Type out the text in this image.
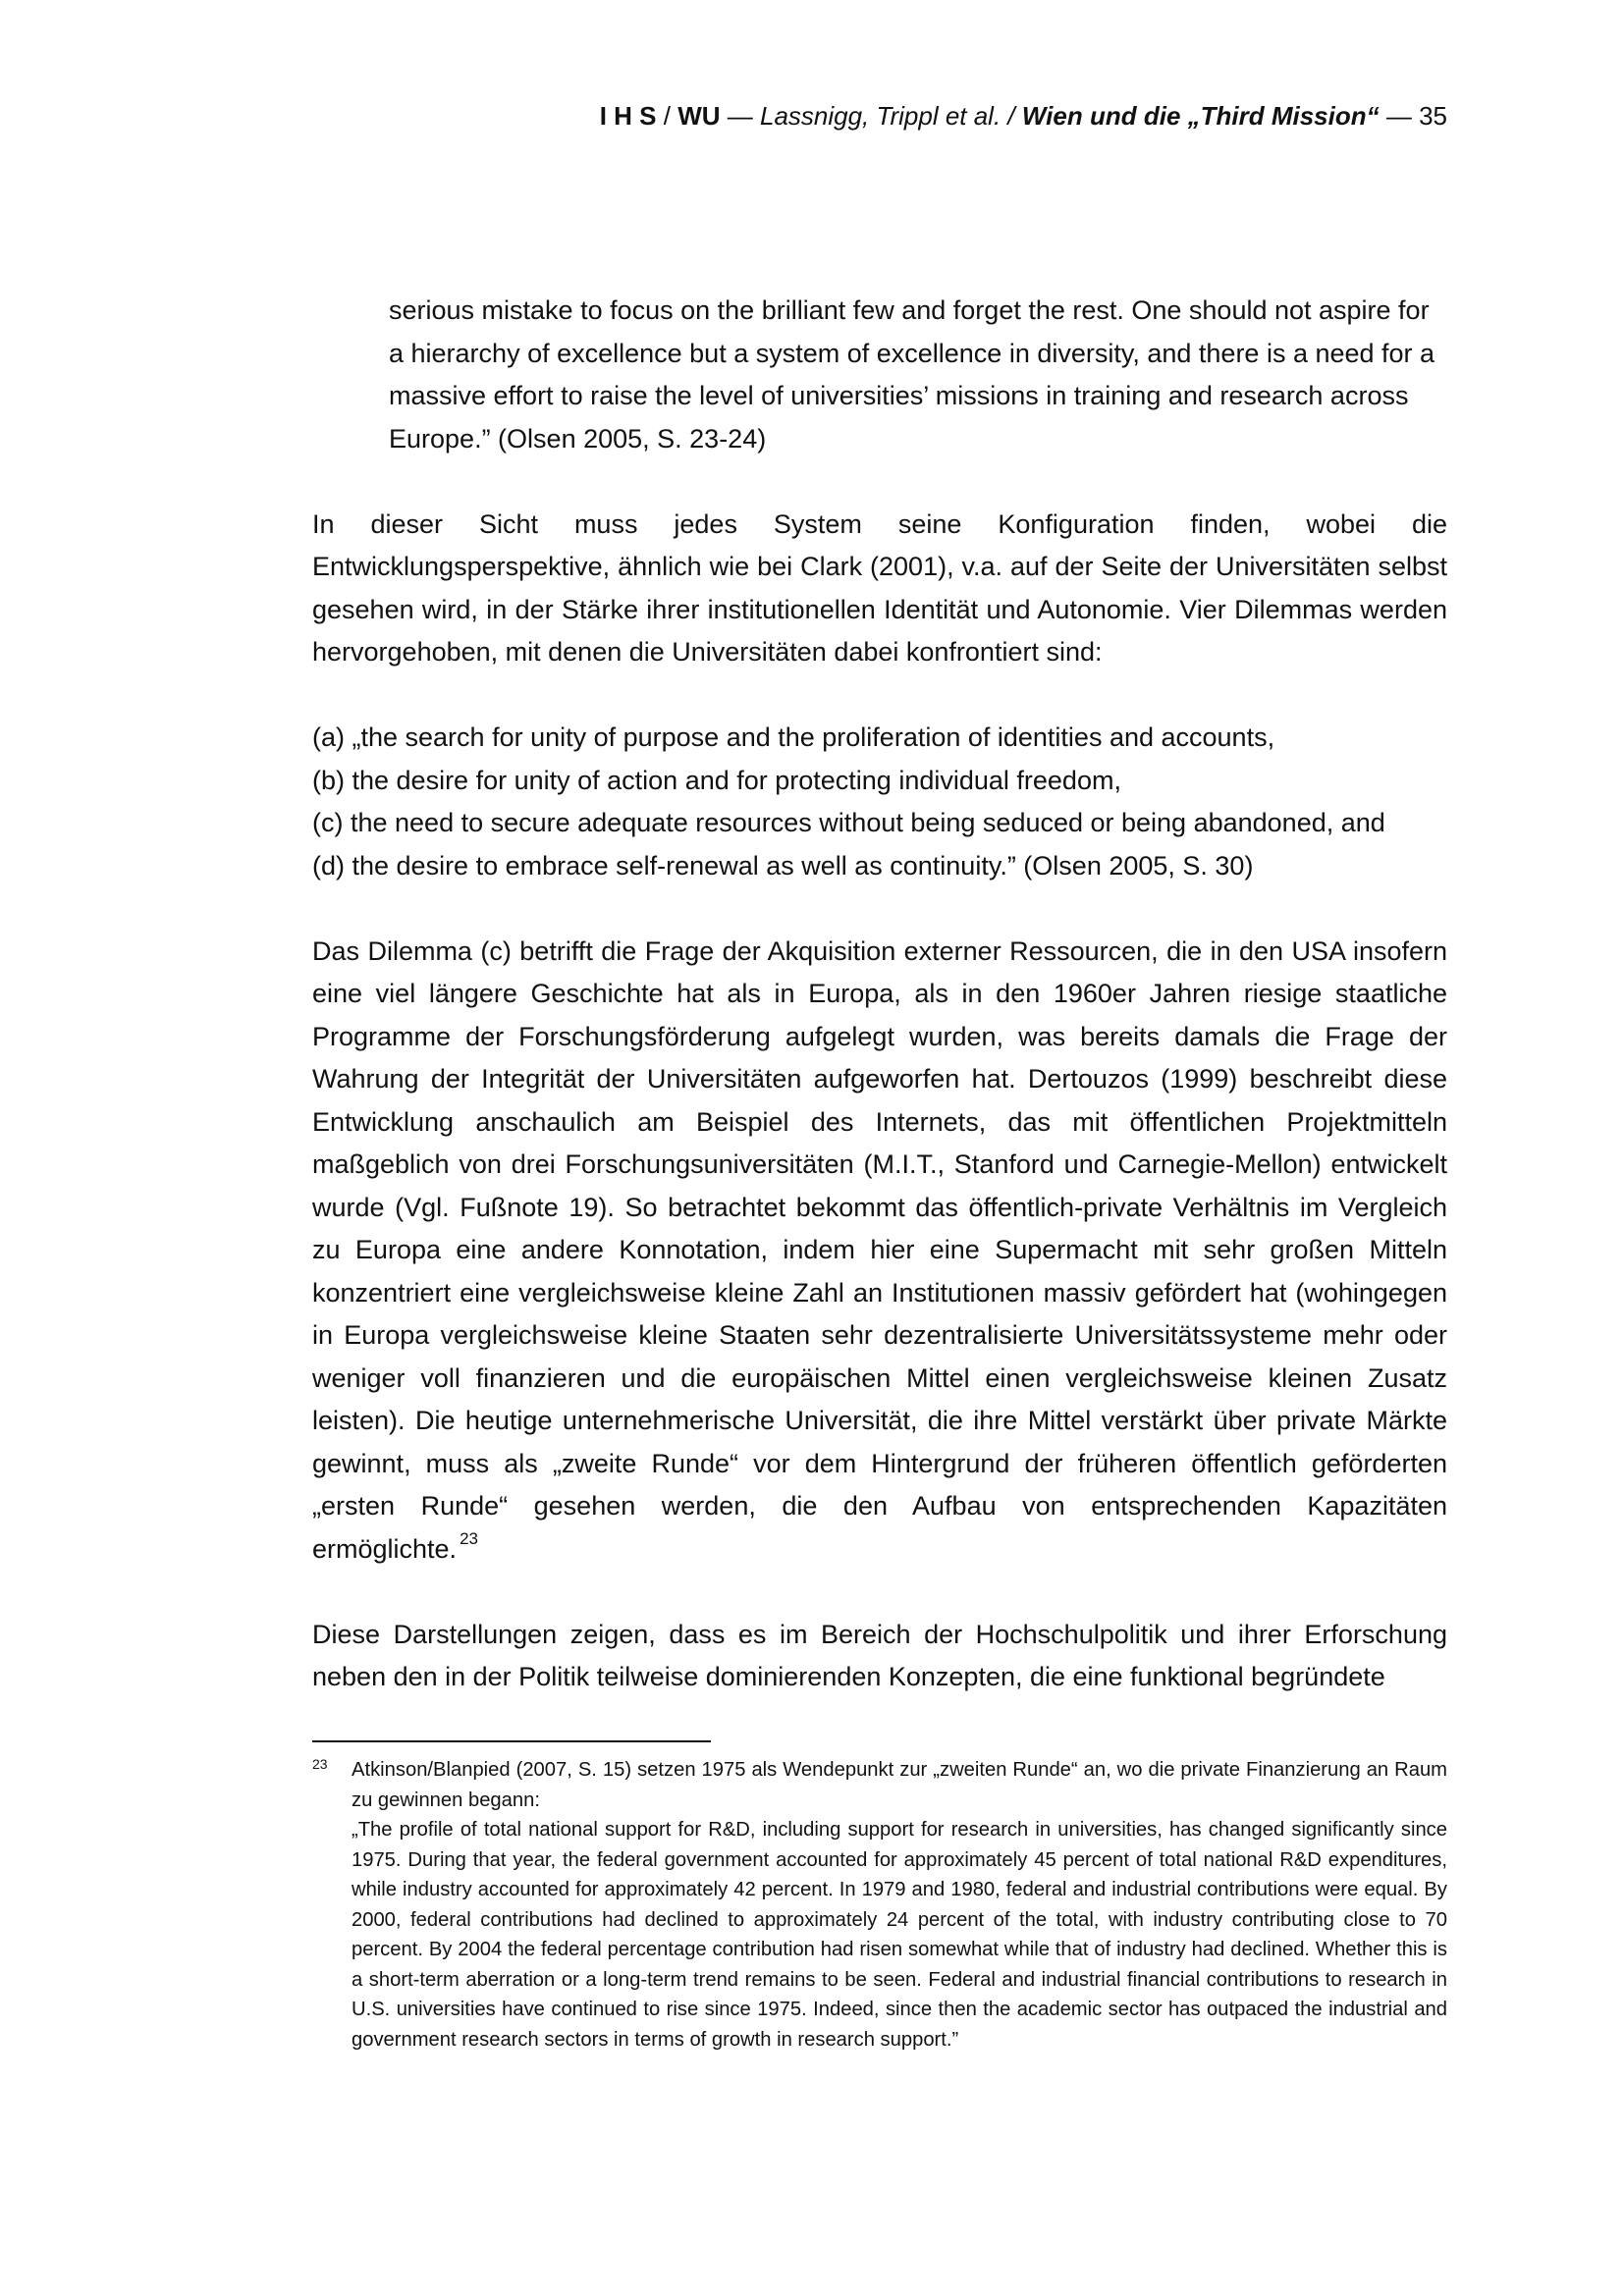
I H S / WU — Lassnigg, Trippl et al. / Wien und die „Third Mission“ — 35
serious mistake to focus on the brilliant few and forget the rest. One should not aspire for a hierarchy of excellence but a system of excellence in diversity, and there is a need for a massive effort to raise the level of universities’ missions in training and research across Europe.” (Olsen 2005, S. 23-24)
In dieser Sicht muss jedes System seine Konfiguration finden, wobei die Entwicklungsperspektive, ähnlich wie bei Clark (2001), v.a. auf der Seite der Universitäten selbst gesehen wird, in der Stärke ihrer institutionellen Identität und Autonomie. Vier Dilemmas werden hervorgehoben, mit denen die Universitäten dabei konfrontiert sind:
(a) „the search for unity of purpose and the proliferation of identities and accounts,
(b) the desire for unity of action and for protecting individual freedom,
(c) the need to secure adequate resources without being seduced or being abandoned, and
(d) the desire to embrace self-renewal as well as continuity.” (Olsen 2005, S. 30)
Das Dilemma (c) betrifft die Frage der Akquisition externer Ressourcen, die in den USA insofern eine viel längere Geschichte hat als in Europa, als in den 1960er Jahren riesige staatliche Programme der Forschungsförderung aufgelegt wurden, was bereits damals die Frage der Wahrung der Integrität der Universitäten aufgeworfen hat. Dertouzos (1999) beschreibt diese Entwicklung anschaulich am Beispiel des Internets, das mit öffentlichen Projektmitteln maßgeblich von drei Forschungsuniversitäten (M.I.T., Stanford und Carnegie-Mellon) entwickelt wurde (Vgl. Fußnote 19). So betrachtet bekommt das öffentlich-private Verhältnis im Vergleich zu Europa eine andere Konnotation, indem hier eine Supermacht mit sehr großen Mitteln konzentriert eine vergleichsweise kleine Zahl an Institutionen massiv gefördert hat (wohingegen in Europa vergleichsweise kleine Staaten sehr dezentralisierte Universitätssysteme mehr oder weniger voll finanzieren und die europäischen Mittel einen vergleichsweise kleinen Zusatz leisten). Die heutige unternehmerische Universität, die ihre Mittel verstärkt über private Märkte gewinnt, muss als „zweite Runde“ vor dem Hintergrund der früheren öffentlich geförderten „ersten Runde“ gesehen werden, die den Aufbau von entsprechenden Kapazitäten ermöglichte. $^{23}$
Diese Darstellungen zeigen, dass es im Bereich der Hochschulpolitik und ihrer Erforschung neben den in der Politik teilweise dominierenden Konzepten, die eine funktional begründete
23 Atkinson/Blanpied (2007, S. 15) setzen 1975 als Wendepunkt zur „zweiten Runde“ an, wo die private Finanzierung an Raum zu gewinnen begann:
„The profile of total national support for R&D, including support for research in universities, has changed significantly since 1975. During that year, the federal government accounted for approximately 45 percent of total national R&D expenditures, while industry accounted for approximately 42 percent. In 1979 and 1980, federal and industrial contributions were equal. By 2000, federal contributions had declined to approximately 24 percent of the total, with industry contributing close to 70 percent. By 2004 the federal percentage contribution had risen somewhat while that of industry had declined. Whether this is a short-term aberration or a long-term trend remains to be seen. Federal and industrial financial contributions to research in U.S. universities have continued to rise since 1975. Indeed, since then the academic sector has outpaced the industrial and government research sectors in terms of growth in research support.”
